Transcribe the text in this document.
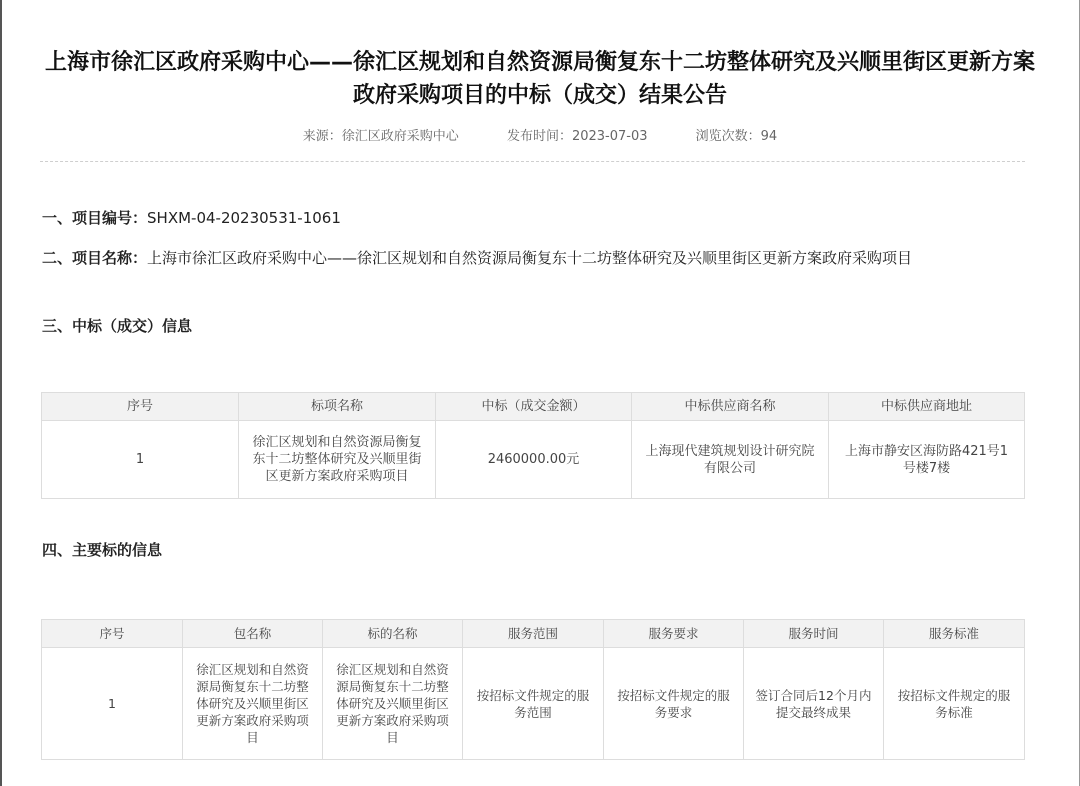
上海市徐汇区政府采购中心——徐汇区规划和自然资源局衡复东十二坊整体研究及兴顺里街区更新方案政府采购项目的中标（成交）结果公告
来源：徐汇区政府采购中心	发布时间：2023-07-03	浏览次数：94
一、项目编号：SHXM-04-20230531-1061
二、项目名称：上海市徐汇区政府采购中心——徐汇区规划和自然资源局衡复东十二坊整体研究及兴顺里街区更新方案政府采购项目
三、中标（成交）信息
序号	标项名称	中标（成交金额）	中标供应商名称	中标供应商地址
1	徐汇区规划和自然资源局衡复东十二坊整体研究及兴顺里街区更新方案政府采购项目	2460000.00元	上海现代建筑规划设计研究院有限公司	上海市静安区海防路421号1号楼7楼
四、主要标的信息
序号	包名称	标的名称	服务范围	服务要求	服务时间	服务标准
1	徐汇区规划和自然资源局衡复东十二坊整体研究及兴顺里街区更新方案政府采购项目	徐汇区规划和自然资源局衡复东十二坊整体研究及兴顺里街区更新方案政府采购项目	按招标文件规定的服务范围	按招标文件规定的服务要求	签订合同后12个月内提交最终成果	按招标文件规定的服务标准
